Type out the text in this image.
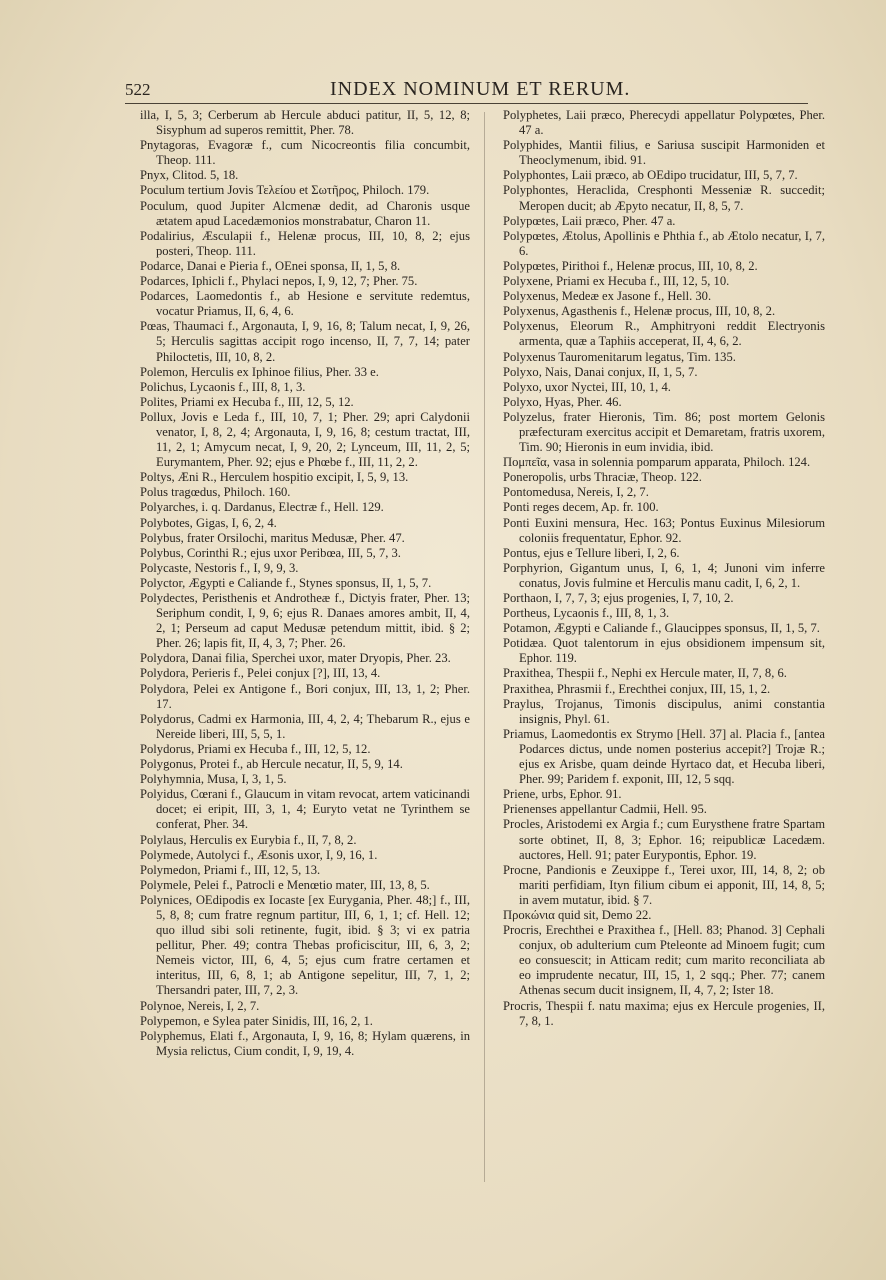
522	INDEX NOMINUM ET RERUM.

illa, I, 5, 3; Cerberum ab Hercule abduci patitur, II, 5, 12, 8; Sisyphum ad superos remittit, Pher. 78.

Pnytagoras, Evagoræ f., cum Nicocreontis filia concumbit, Theop. 111.

Pnyx, Clitod. 5, 18.

Poculum tertium Jovis Τελείου et Σωτῆρος, Philoch. 179.

Poculum, quod Jupiter Alcmenæ dedit, ad Charonis usque ætatem apud Lacedæmonios monstrabatur, Charon 11.

Podalirius, Æsculapii f., Helenæ procus, III, 10, 8, 2; ejus posteri, Theop. 111.

Podarce, Danai e Pieria f., OEnei sponsa, II, 1, 5, 8.

Podarces, Iphicli f., Phylaci nepos, I, 9, 12, 7; Pher. 75.

Podarces, Laomedontis f., ab Hesione e servitute redemtus, vocatur Priamus, II, 6, 4, 6.

Pœas, Thaumaci f., Argonauta, I, 9, 16, 8; Talum necat, I, 9, 26, 5; Herculis sagittas accipit rogo incenso, II, 7, 7, 14; pater Philoctetis, III, 10, 8, 2.

Polemon, Herculis ex Iphinoe filius, Pher. 33 e.

Polichus, Lycaonis f., III, 8, 1, 3.

Polites, Priami ex Hecuba f., III, 12, 5, 12.

Pollux, Jovis e Leda f., III, 10, 7, 1; Pher. 29; apri Calydonii venator, I, 8, 2, 4; Argonauta, I, 9, 16, 8; cestum tractat, III, 11, 2, 1; Amycum necat, I, 9, 20, 2; Lynceum, III, 11, 2, 5; Eurymantem, Pher. 92; ejus e Phœbe f., III, 11, 2, 2.

Poltys, Æni R., Herculem hospitio excipit, I, 5, 9, 13.

Polus tragœdus, Philoch. 160.

Polyarches, i. q. Dardanus, Electræ f., Hell. 129.

Polybotes, Gigas, I, 6, 2, 4.

Polybus, frater Orsilochi, maritus Medusæ, Pher. 47.

Polybus, Corinthi R.; ejus uxor Peribœa, III, 5, 7, 3.

Polycaste, Nestoris f., I, 9, 9, 3.

Polyctor, Ægypti e Caliande f., Stynes sponsus, II, 1, 5, 7.

Polydectes, Peristhenis et Androtheæ f., Dictyis frater, Pher. 13; Seriphum condit, I, 9, 6; ejus R. Danaes amores ambit, II, 4, 2, 1; Perseum ad caput Medusæ petendum mittit, ibid. § 2; Pher. 26; lapis fit, II, 4, 3, 7; Pher. 26.

Polydora, Danai filia, Sperchei uxor, mater Dryopis, Pher. 23.

Polydora, Perieris f., Pelei conjux [?], III, 13, 4.

Polydora, Pelei ex Antigone f., Bori conjux, III, 13, 1, 2; Pher. 17.

Polydorus, Cadmi ex Harmonia, III, 4, 2, 4; Thebarum R., ejus e Nereide liberi, III, 5, 5, 1.

Polydorus, Priami ex Hecuba f., III, 12, 5, 12.

Polygonus, Protei f., ab Hercule necatur, II, 5, 9, 14.

Polyhymnia, Musa, I, 3, 1, 5.

Polyidus, Cœrani f., Glaucum in vitam revocat, artem vaticinandi docet; ei eripit, III, 3, 1, 4; Euryto vetat ne Tyrinthem se conferat, Pher. 34.

Polylaus, Herculis ex Eurybia f., II, 7, 8, 2.

Polymede, Autolyci f., Æsonis uxor, I, 9, 16, 1.

Polymedon, Priami f., III, 12, 5, 13.

Polymele, Pelei f., Patrocli e Menœtio mater, III, 13, 8, 5.

Polynices, OEdipodis ex Iocaste [ex Eurygania, Pher. 48;] f., III, 5, 8, 8; cum fratre regnum partitur, III, 6, 1, 1; cf. Hell. 12; quo illud sibi soli retinente, fugit, ibid. § 3; vi ex patria pellitur, Pher. 49; contra Thebas proficiscitur, III, 6, 3, 2; Nemeis victor, III, 6, 4, 5; ejus cum fratre certamen et interitus, III, 6, 8, 1; ab Antigone sepelitur, III, 7, 1, 2; Thersandri pater, III, 7, 2, 3.

Polynoe, Nereis, I, 2, 7.

Polypemon, e Sylea pater Sinidis, III, 16, 2, 1.

Polyphemus, Elati f., Argonauta, I, 9, 16, 8; Hylam quærens, in Mysia relictus, Cium condit, I, 9, 19, 4.

Polyphetes, Laii præco, Pherecydi appellatur Polypœtes, Pher. 47 a.

Polyphides, Mantii filius, e Sariusa suscipit Harmoniden et Theoclymenum, ibid. 91.

Polyphontes, Laii præco, ab OEdipo trucidatur, III, 5, 7, 7.

Polyphontes, Heraclida, Cresphonti Messeniæ R. succedit; Meropen ducit; ab Æpyto necatur, II, 8, 5, 7.

Polypœtes, Laii præco, Pher. 47 a.

Polypœtes, Ætolus, Apollinis e Phthia f., ab Ætolo necatur, I, 7, 6.

Polypœtes, Pirithoi f., Helenæ procus, III, 10, 8, 2.

Polyxene, Priami ex Hecuba f., III, 12, 5, 10.

Polyxenus, Medeæ ex Jasone f., Hell. 30.

Polyxenus, Agasthenis f., Helenæ procus, III, 10, 8, 2.

Polyxenus, Eleorum R., Amphitryoni reddit Electryonis armenta, quæ a Taphiis acceperat, II, 4, 6, 2.

Polyxenus Tauromenitarum legatus, Tim. 135.

Polyxo, Nais, Danai conjux, II, 1, 5, 7.

Polyxo, uxor Nyctei, III, 10, 1, 4.

Polyxo, Hyas, Pher. 46.

Polyzelus, frater Hieronis, Tim. 86; post mortem Gelonis præfecturam exercitus accipit et Demaretam, fratris uxorem, Tim. 90; Hieronis in eum invidia, ibid.

Πομπεῖα, vasa in solennia pomparum apparata, Philoch. 124.

Poneropolis, urbs Thraciæ, Theop. 122.

Pontomedusa, Nereis, I, 2, 7.

Ponti reges decem, Ap. fr. 100.

Ponti Euxini mensura, Hec. 163; Pontus Euxinus Milesiorum coloniis frequentatur, Ephor. 92.

Pontus, ejus e Tellure liberi, I, 2, 6.

Porphyrion, Gigantum unus, I, 6, 1, 4; Junoni vim inferre conatus, Jovis fulmine et Herculis manu cadit, I, 6, 2, 1.

Porthaon, I, 7, 7, 3; ejus progenies, I, 7, 10, 2.

Portheus, Lycaonis f., III, 8, 1, 3.

Potamon, Ægypti e Caliande f., Glaucippes sponsus, II, 1, 5, 7.

Potidæa. Quot talentorum in ejus obsidionem impensum sit, Ephor. 119.

Praxithea, Thespii f., Nephi ex Hercule mater, II, 7, 8, 6.

Praxithea, Phrasmii f., Erechthei conjux, III, 15, 1, 2.

Praylus, Trojanus, Timonis discipulus, animi constantia insignis, Phyl. 61.

Priamus, Laomedontis ex Strymo [Hell. 37] al. Placia f., [antea Podarces dictus, unde nomen posterius accepit?] Trojæ R.; ejus ex Arisbe, quam deinde Hyrtaco dat, et Hecuba liberi, Pher. 99; Paridem f. exponit, III, 12, 5 sqq.

Priene, urbs, Ephor. 91.

Prienenses appellantur Cadmii, Hell. 95.

Procles, Aristodemi ex Argia f.; cum Eurysthene fratre Spartam sorte obtinet, II, 8, 3; Ephor. 16; reipublicæ Lacedæm. auctores, Hell. 91; pater Eurypontis, Ephor. 19.

Procne, Pandionis e Zeuxippe f., Terei uxor, III, 14, 8, 2; ob mariti perfidiam, Ityn filium cibum ei apponit, III, 14, 8, 5; in avem mutatur, ibid. § 7.

Προκώνια quid sit, Demo 22.

Procris, Erechthei e Praxithea f., [Hell. 83; Phanod. 3] Cephali conjux, ob adulterium cum Pteleonte ad Minoem fugit; cum eo consuescit; in Atticam redit; cum marito reconciliata ab eo imprudente necatur, III, 15, 1, 2 sqq.; Pher. 77; canem Athenas secum ducit insignem, II, 4, 7, 2; Ister 18.

Procris, Thespii f. natu maxima; ejus ex Hercule progenies, II, 7, 8, 1.
